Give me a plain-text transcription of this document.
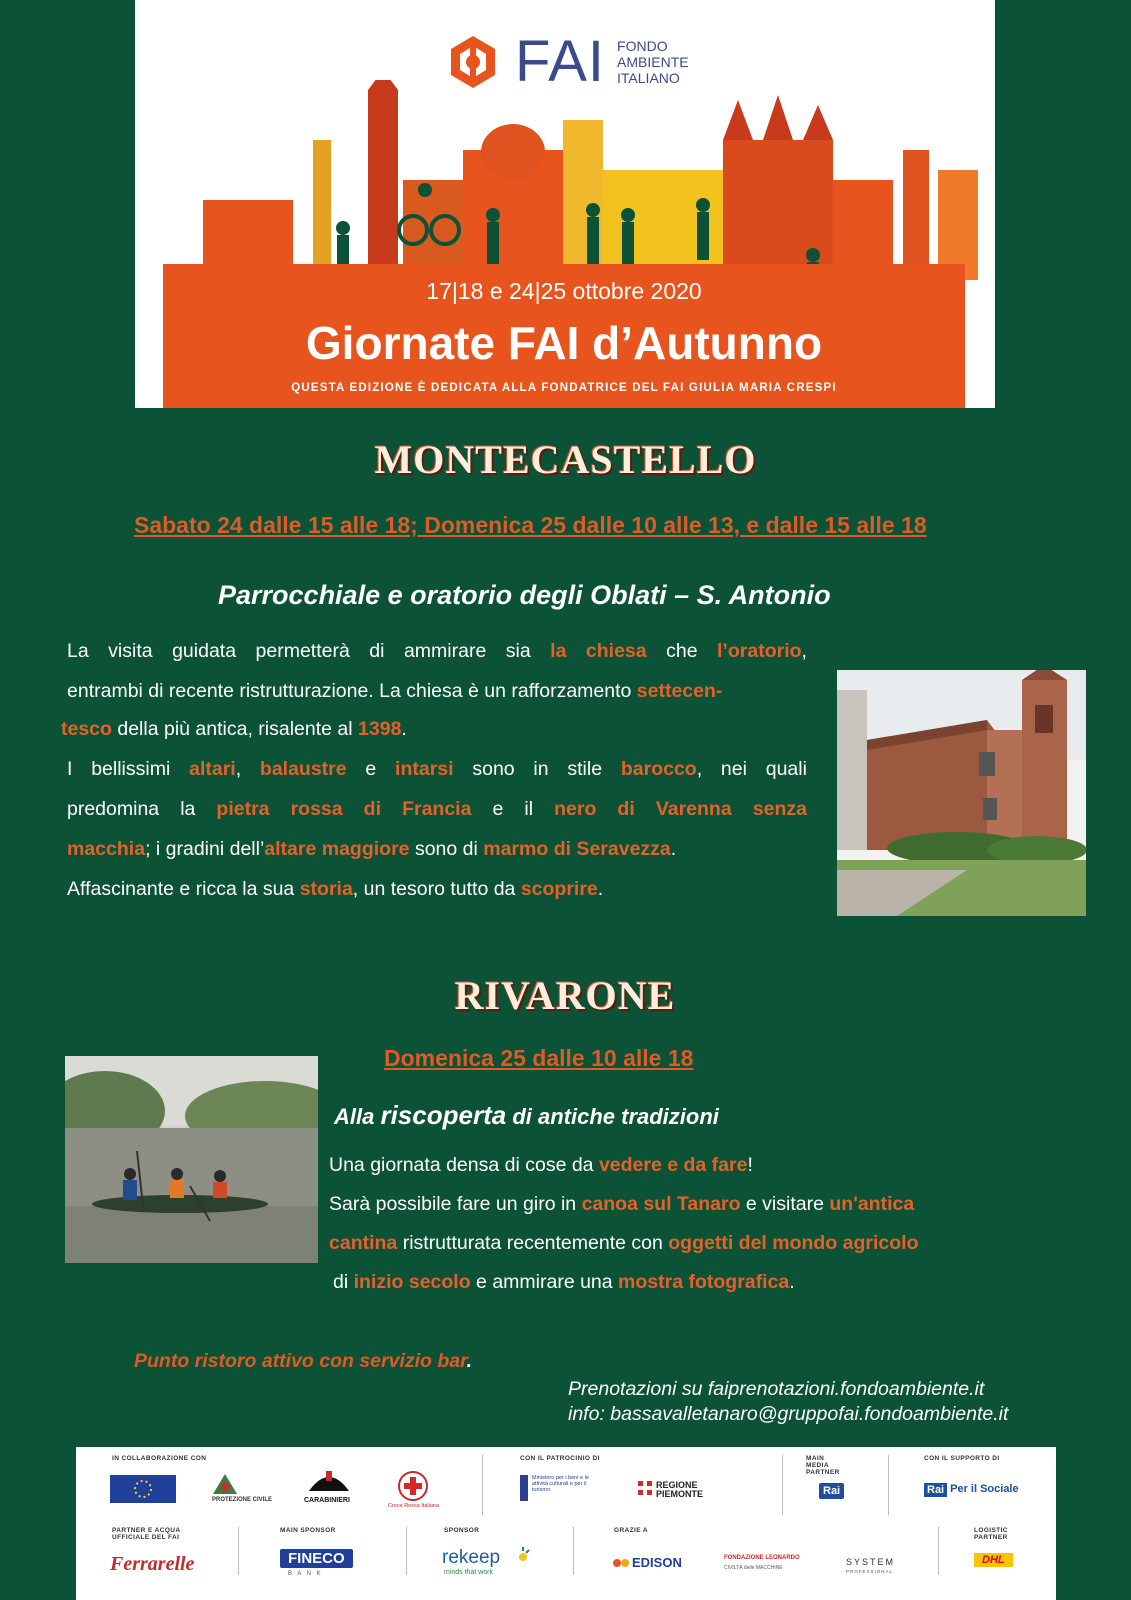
FAI FONDO
AMBIENTE
ITALIANO
17|18 e 24|25 ottobre 2020
Giornate FAI d’Autunno
QUESTA EDIZIONE È DEDICATA ALLA FONDATRICE DEL FAI GIULIA MARIA CRESPI
MONTECASTELLO
Sabato 24 dalle 15 alle 18; Domenica 25 dalle 10 alle 13, e dalle 15 alle 18
Parrocchiale e oratorio degli Oblati – S. Antonio
La visita guidata permetterà di ammirare sia la chiesa che l’oratorio,
entrambi di recente ristrutturazione. La chiesa è un rafforzamento settecen-
tesco della più antica, risalente al 1398.
I bellissimi altari, balaustre e intarsi sono in stile barocco, nei quali
predomina la pietra rossa di Francia e il nero di Varenna senza
macchia; i gradini dell’altare maggiore sono di marmo di Seravezza.
Affascinante e ricca la sua storia, un tesoro tutto da scoprire.
RIVARONE
Domenica 25 dalle 10 alle 18
Alla riscoperta di antiche tradizioni
Una giornata densa di cose da vedere e da fare!
Sarà possibile fare un giro in canoa sul Tanaro e visitare un'antica
cantina ristrutturata recentemente con oggetti del mondo agricolo
di inizio secolo e ammirare una mostra fotografica.
Punto ristoro attivo con servizio bar.
Prenotazioni su faiprenotazioni.fondoambiente.it
info: bassavalletanaro@gruppofai.fondoambiente.it
IN COLLABORAZIONE CON	CON IL PATROCINIO DI	MAIN MEDIA PARTNER
CON IL SUPPORTO DI
PROTEZIONE CIVILE	CARABINIERI
Croce Rossa Italiana
Ministero per i beni e le attività culturali e per il turismo	REGIONE PIEMONTE	Rai	Rai Per il Sociale
PARTNER E ACQUA UFFICIALE DEL FAI
MAIN SPONSOR	SPONSOR	GRAZIE A	LOGISTIC PARTNER
Ferrarelle	FINECO
B A N K
rekeep
minds that work
EDISON	FONDAZIONE LEONARDO
CIVILTÀ delle MACCHINE
SYSTEM
PROFESSIONAL
DHL
